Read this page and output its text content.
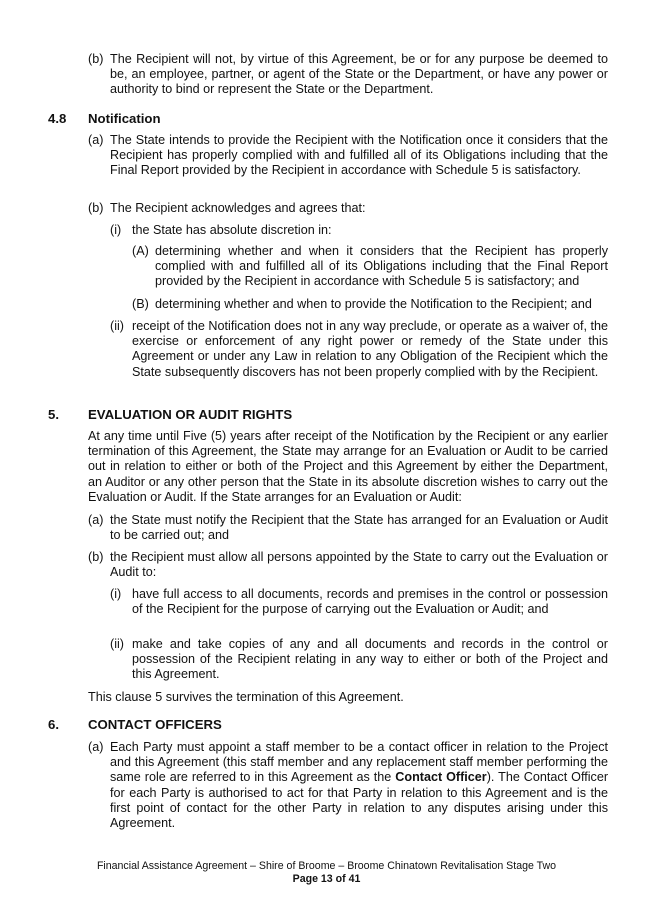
(b) The Recipient will not, by virtue of this Agreement, be or for any purpose be deemed to be, an employee, partner, or agent of the State or the Department, or have any power or authority to bind or represent the State or the Department.
4.8 Notification
(a) The State intends to provide the Recipient with the Notification once it considers that the Recipient has properly complied with and fulfilled all of its Obligations including that the Final Report provided by the Recipient in accordance with Schedule 5 is satisfactory.
(b) The Recipient acknowledges and agrees that:
(i) the State has absolute discretion in:
(A) determining whether and when it considers that the Recipient has properly complied with and fulfilled all of its Obligations including that the Final Report provided by the Recipient in accordance with Schedule 5 is satisfactory; and
(B) determining whether and when to provide the Notification to the Recipient; and
(ii) receipt of the Notification does not in any way preclude, or operate as a waiver of, the exercise or enforcement of any right power or remedy of the State under this Agreement or under any Law in relation to any Obligation of the Recipient which the State subsequently discovers has not been properly complied with by the Recipient.
5. EVALUATION OR AUDIT RIGHTS
At any time until Five (5) years after receipt of the Notification by the Recipient or any earlier termination of this Agreement, the State may arrange for an Evaluation or Audit to be carried out in relation to either or both of the Project and this Agreement by either the Department, an Auditor or any other person that the State in its absolute discretion wishes to carry out the Evaluation or Audit. If the State arranges for an Evaluation or Audit:
(a) the State must notify the Recipient that the State has arranged for an Evaluation or Audit to be carried out; and
(b) the Recipient must allow all persons appointed by the State to carry out the Evaluation or Audit to:
(i) have full access to all documents, records and premises in the control or possession of the Recipient for the purpose of carrying out the Evaluation or Audit; and
(ii) make and take copies of any and all documents and records in the control or possession of the Recipient relating in any way to either or both of the Project and this Agreement.
This clause 5 survives the termination of this Agreement.
6. CONTACT OFFICERS
(a) Each Party must appoint a staff member to be a contact officer in relation to the Project and this Agreement (this staff member and any replacement staff member performing the same role are referred to in this Agreement as the Contact Officer). The Contact Officer for each Party is authorised to act for that Party in relation to this Agreement and is the first point of contact for the other Party in relation to any disputes arising under this Agreement.
Financial Assistance Agreement – Shire of Broome – Broome Chinatown Revitalisation Stage Two
Page 13 of 41
